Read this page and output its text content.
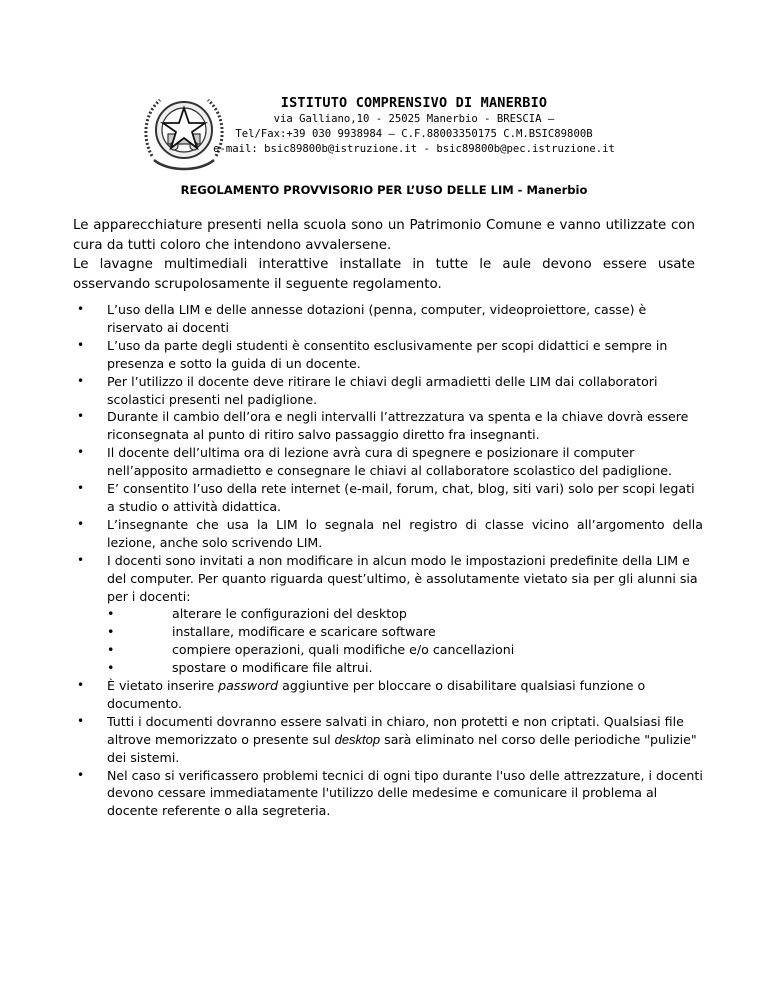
ISTITUTO COMPRENSIVO DI MANERBIO
via Galliano,10 - 25025 Manerbio - BRESCIA –
Tel/Fax:+39 030 9938984 – C.F.88003350175 C.M.BSIC89800B
e-mail: bsic89800b@istruzione.it - bsic89800b@pec.istruzione.it
REGOLAMENTO PROVVISORIO PER L’USO DELLE LIM - Manerbio

Le apparecchiature presenti nella scuola sono un Patrimonio Comune e vanno utilizzate con cura da tutti coloro che intendono avvalersene.

Le lavagne multimediali interattive installate in tutte le aule devono essere usate osservando scrupolosamente il seguente regolamento.

• L’uso della LIM e delle annesse dotazioni (penna, computer, videoproiettore, casse) è riservato ai docenti
• L’uso da parte degli studenti è consentito esclusivamente per scopi didattici e sempre in presenza e sotto la guida di un docente.
• Per l’utilizzo il docente deve ritirare le chiavi degli armadietti delle LIM dai collaboratori scolastici presenti nel padiglione.
• Durante il cambio dell’ora e negli intervalli l’attrezzatura va spenta e la chiave dovrà essere riconsegnata al punto di ritiro salvo passaggio diretto fra insegnanti.
• Il docente dell’ultima ora di lezione avrà cura di spegnere e posizionare il computer nell’apposito armadietto e consegnare le chiavi al collaboratore scolastico del padiglione.
• E’ consentito l’uso della rete internet (e-mail, forum, chat, blog, siti vari) solo per scopi legati a studio o attività didattica.
• L’insegnante che usa la LIM lo segnala nel registro di classe vicino all’argomento della lezione, anche solo scrivendo LIM.
• I docenti sono invitati a non modificare in alcun modo le impostazioni predefinite della LIM e del computer. Per quanto riguarda quest’ultimo, è assolutamente vietato sia per gli alunni sia per i docenti:
•	alterare le configurazioni del desktop
•	installare, modificare e scaricare software
•	compiere operazioni, quali modifiche e/o cancellazioni
•	spostare o modificare file altrui.
• È vietato inserire password aggiuntive per bloccare o disabilitare qualsiasi funzione o documento.
• Tutti i documenti dovranno essere salvati in chiaro, non protetti e non criptati. Qualsiasi file altrove memorizzato o presente sul desktop sarà eliminato nel corso delle periodiche "pulizie" dei sistemi.
• Nel caso si verificassero problemi tecnici di ogni tipo durante l'uso delle attrezzature, i docenti devono cessare immediatamente l'utilizzo delle medesime e comunicare il problema al docente referente o alla segreteria.
